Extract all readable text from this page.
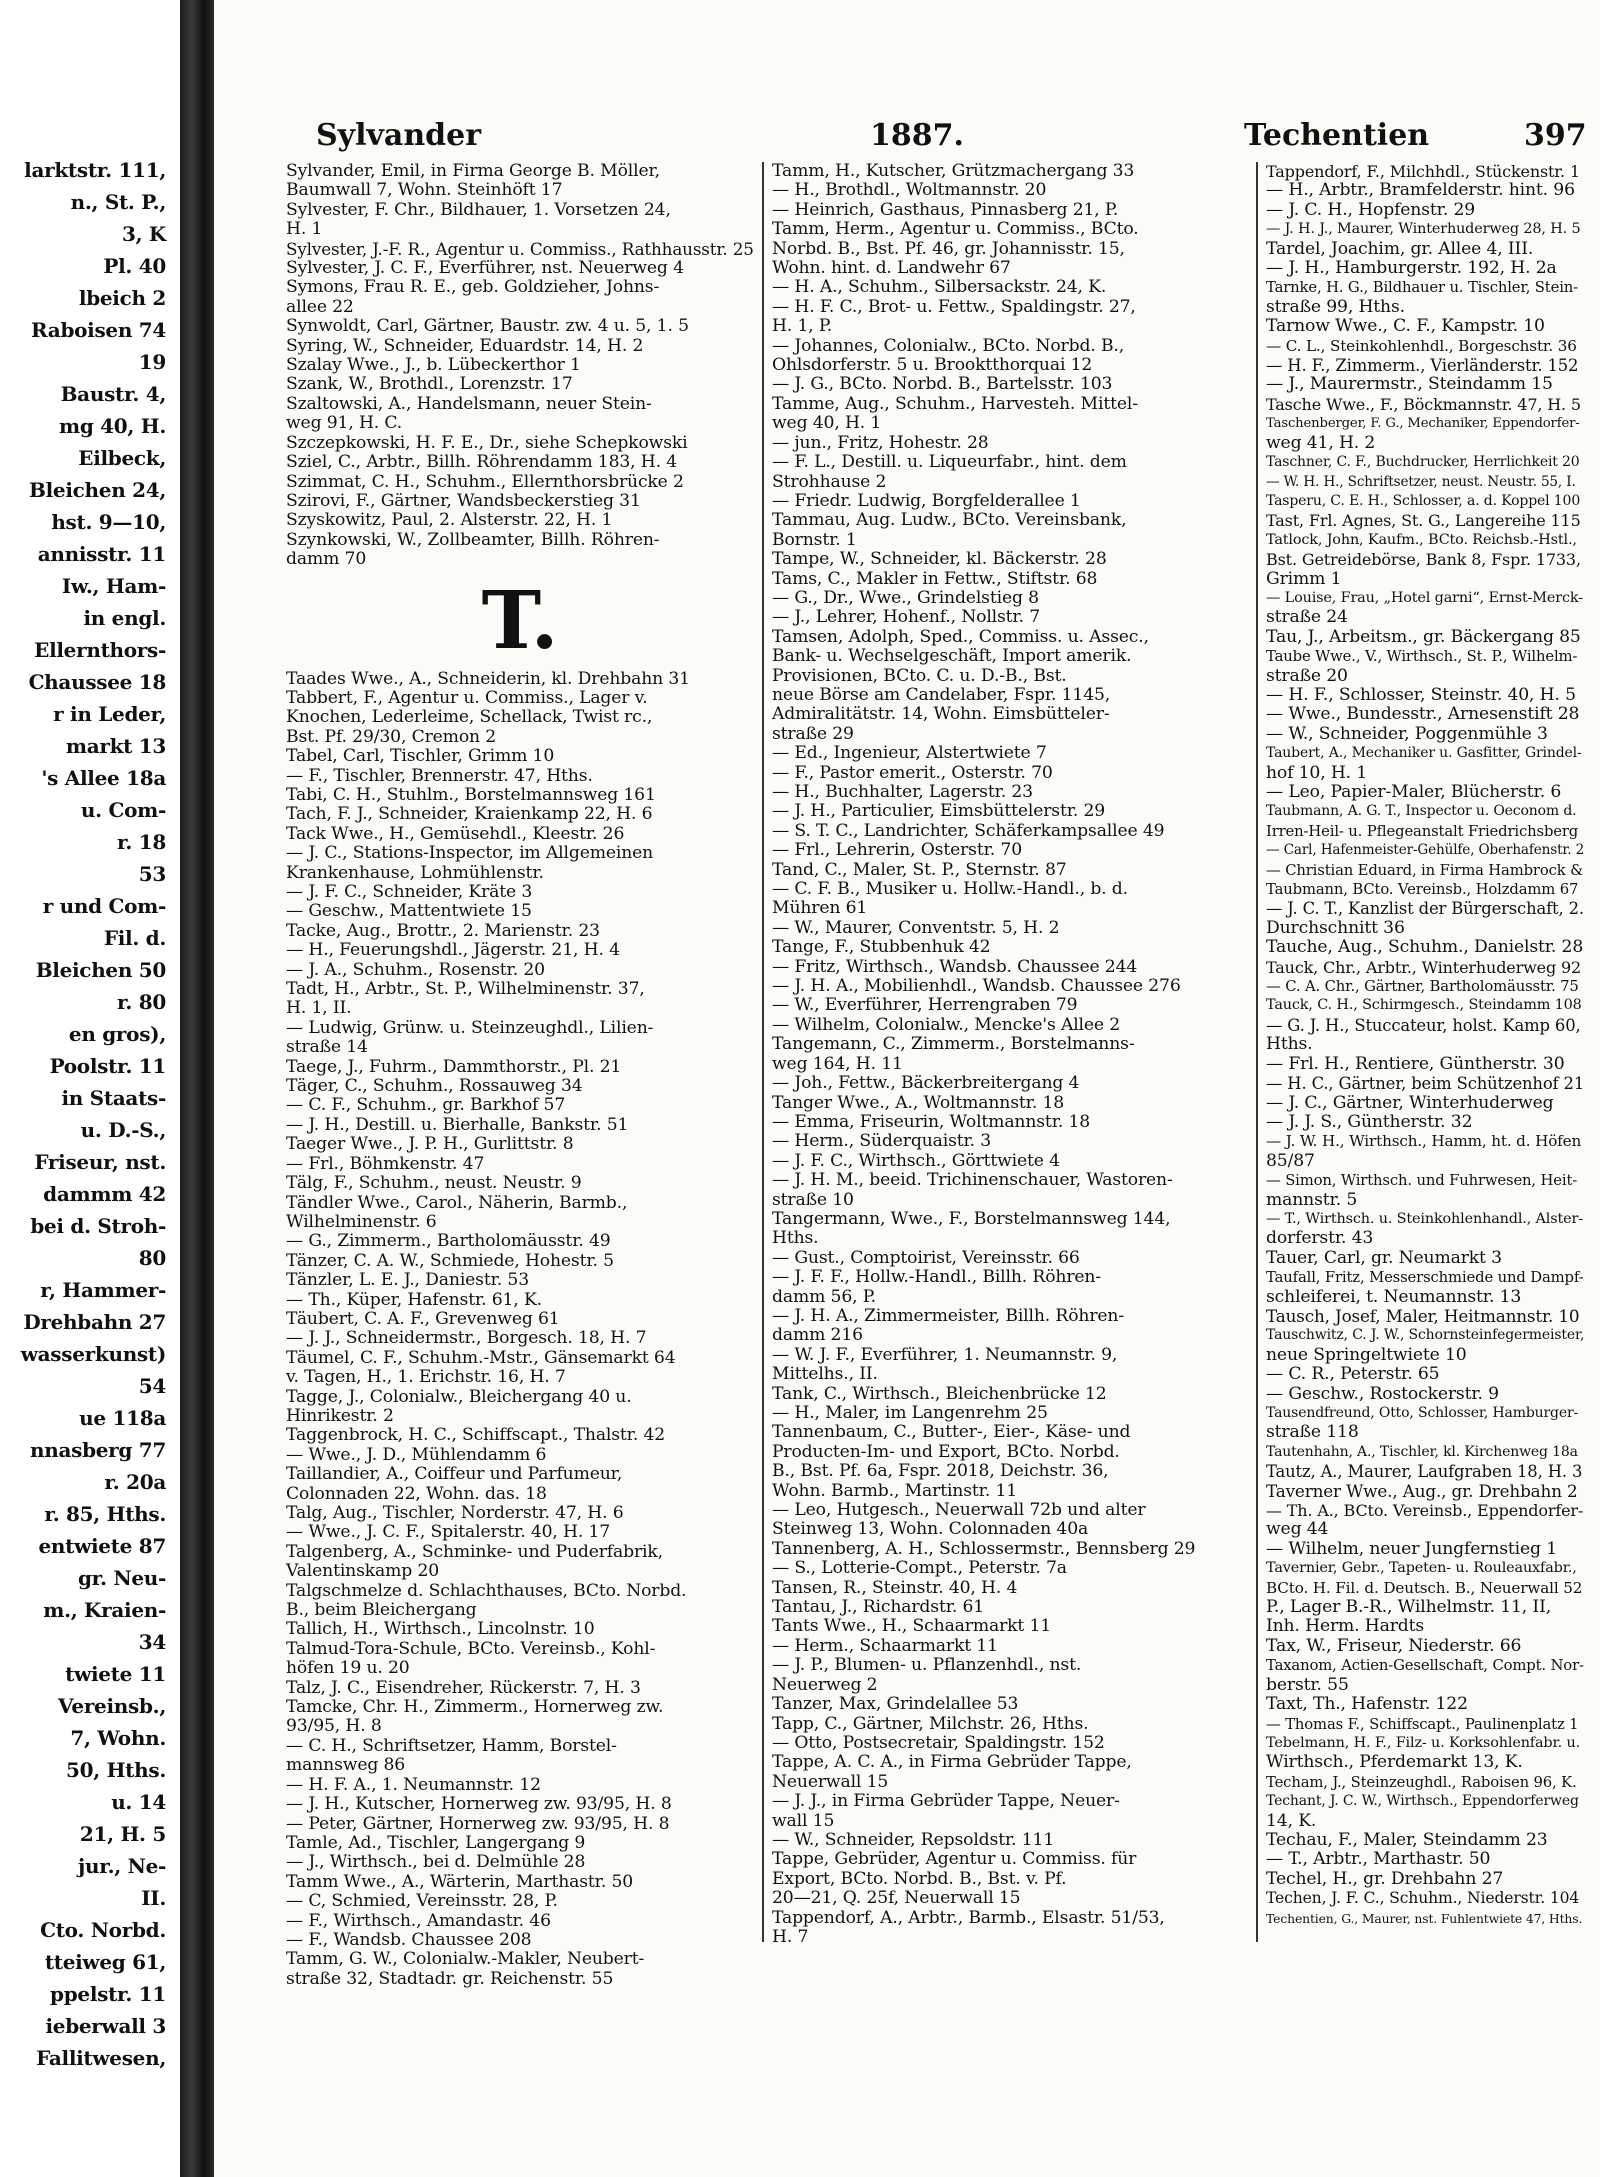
larktstr. 111,
n., St. P.,
3, K
Pl. 40
lbeich 2
Raboisen 74
19
Baustr. 4,
mg 40, H.
Eilbeck,
Bleichen 24,
hst. 9—10,
annisstr. 11
Iw., Ham-
in engl.
Ellernthors-
Chaussee 18
r in Leder,
markt 13
's Allee 18a
u. Com-
r. 18
53
r und Com-
Fil. d.
Bleichen 50
r. 80
en gros),
Poolstr. 11
in Staats-
u. D.-S.,
Friseur, nst.
dammm 42
bei d. Stroh-
80
r, Hammer-
Drehbahn 27
wasserkunst)
54
ue 118a
nnasberg 77
r. 20a
r. 85, Hths.
entwiete 87
gr. Neu-
m., Kraien-
34
twiete 11
Vereinsb.,
7, Wohn.
50, Hths.
u. 14
21, H. 5
jur., Ne-
II.
Cto. Norbd.
tteiweg 61,
ppelstr. 11
ieberwall 3
Fallitwesen,
Sylvander	1887.	Techentien	397
Sylvander, Emil, in Firma George B. Möller,
Baumwall 7, Wohn. Steinhöft 17
Sylvester, F. Chr., Bildhauer, 1. Vorsetzen 24,
H. 1
Sylvester, J.-F. R., Agentur u. Commiss., Rathhausstr. 25
Sylvester, J. C. F., Everführer, nst. Neuerweg 4
Symons, Frau R. E., geb. Goldzieher, Johns-
allee 22
Synwoldt, Carl, Gärtner, Baustr. zw. 4 u. 5, 1. 5
Syring, W., Schneider, Eduardstr. 14, H. 2
Szalay Wwe., J., b. Lübeckerthor 1
Szank, W., Brothdl., Lorenzstr. 17
Szaltowski, A., Handelsmann, neuer Stein-
weg 91, H. C.
Szczepkowski, H. F. E., Dr., siehe Schepkowski
Sziel, C., Arbtr., Billh. Röhrendamm 183, H. 4
Szimmat, C. H., Schuhm., Ellernthorsbrücke 2
Szirovi, F., Gärtner, Wandsbeckerstieg 31
Szyskowitz, Paul, 2. Alsterstr. 22, H. 1
Szynkowski, W., Zollbeamter, Billh. Röhren-
damm 70
T.
Taades Wwe., A., Schneiderin, kl. Drehbahn 31
Tabbert, F., Agentur u. Commiss., Lager v.
Knochen, Lederleime, Schellack, Twist rc.,
Bst. Pf. 29/30, Cremon 2
Tabel, Carl, Tischler, Grimm 10
— F., Tischler, Brennerstr. 47, Hths.
Tabi, C. H., Stuhlm., Borstelmannsweg 161
Tach, F. J., Schneider, Kraienkamp 22, H. 6
Tack Wwe., H., Gemüsehdl., Kleestr. 26
— J. C., Stations-Inspector, im Allgemeinen
Krankenhause, Lohmühlenstr.
— J. F. C., Schneider, Kräte 3
— Geschw., Mattentwiete 15
Tacke, Aug., Brottr., 2. Marienstr. 23
— H., Feuerungshdl., Jägerstr. 21, H. 4
— J. A., Schuhm., Rosenstr. 20
Tadt, H., Arbtr., St. P., Wilhelminenstr. 37,
H. 1, II.
— Ludwig, Grünw. u. Steinzeughdl., Lilien-
straße 14
Taege, J., Fuhrm., Dammthorstr., Pl. 21
Täger, C., Schuhm., Rossauweg 34
— C. F., Schuhm., gr. Barkhof 57
— J. H., Destill. u. Bierhalle, Bankstr. 51
Taeger Wwe., J. P. H., Gurlittstr. 8
— Frl., Böhmkenstr. 47
Tälg, F., Schuhm., neust. Neustr. 9
Tändler Wwe., Carol., Näherin, Barmb.,
Wilhelminenstr. 6
— G., Zimmerm., Bartholomäusstr. 49
Tänzer, C. A. W., Schmiede, Hohestr. 5
Tänzler, L. E. J., Daniestr. 53
— Th., Küper, Hafenstr. 61, K.
Täubert, C. A. F., Grevenweg 61
— J. J., Schneidermstr., Borgesch. 18, H. 7
Täumel, C. F., Schuhm.-Mstr., Gänsemarkt 64
v. Tagen, H., 1. Erichstr. 16, H. 7
Tagge, J., Colonialw., Bleichergang 40 u.
Hinrikestr. 2
Taggenbrock, H. C., Schiffscapt., Thalstr. 42
— Wwe., J. D., Mühlendamm 6
Taillandier, A., Coiffeur und Parfumeur,
Colonnaden 22, Wohn. das. 18
Talg, Aug., Tischler, Norderstr. 47, H. 6
— Wwe., J. C. F., Spitalerstr. 40, H. 17
Talgenberg, A., Schminke- und Puderfabrik,
Valentinskamp 20
Talgschmelze d. Schlachthauses, BCto. Norbd.
B., beim Bleichergang
Tallich, H., Wirthsch., Lincolnstr. 10
Talmud-Tora-Schule, BCto. Vereinsb., Kohl-
höfen 19 u. 20
Talz, J. C., Eisendreher, Rückerstr. 7, H. 3
Tamcke, Chr. H., Zimmerm., Hornerweg zw.
93/95, H. 8
— C. H., Schriftsetzer, Hamm, Borstel-
mannsweg 86
— H. F. A., 1. Neumannstr. 12
— J. H., Kutscher, Hornerweg zw. 93/95, H. 8
— Peter, Gärtner, Hornerweg zw. 93/95, H. 8
Tamle, Ad., Tischler, Langergang 9
— J., Wirthsch., bei d. Delmühle 28
Tamm Wwe., A., Wärterin, Marthastr. 50
— C, Schmied, Vereinsstr. 28, P.
— F., Wirthsch., Amandastr. 46
— F., Wandsb. Chaussee 208
Tamm, G. W., Colonialw.-Makler, Neubert-
straße 32, Stadtadr. gr. Reichenstr. 55
Tamm, H., Kutscher, Grützmachergang 33
— H., Brothdl., Woltmannstr. 20
— Heinrich, Gasthaus, Pinnasberg 21, P.
Tamm, Herm., Agentur u. Commiss., BCto.
Norbd. B., Bst. Pf. 46, gr. Johannisstr. 15,
Wohn. hint. d. Landwehr 67
— H. A., Schuhm., Silbersackstr. 24, K.
— H. F. C., Brot- u. Fettw., Spaldingstr. 27,
H. 1, P.
— Johannes, Colonialw., BCto. Norbd. B.,
Ohlsdorferstr. 5 u. Brooktthorquai 12
— J. G., BCto. Norbd. B., Bartelsstr. 103
Tamme, Aug., Schuhm., Harvesteh. Mittel-
weg 40, H. 1
— jun., Fritz, Hohestr. 28
— F. L., Destill. u. Liqueurfabr., hint. dem
Strohhause 2
— Friedr. Ludwig, Borgfelderallee 1
Tammau, Aug. Ludw., BCto. Vereinsbank,
Bornstr. 1
Tampe, W., Schneider, kl. Bäckerstr. 28
Tams, C., Makler in Fettw., Stiftstr. 68
— G., Dr., Wwe., Grindelstieg 8
— J., Lehrer, Hohenf., Nollstr. 7
Tamsen, Adolph, Sped., Commiss. u. Assec.,
Bank- u. Wechselgeschäft, Import amerik.
Provisionen, BCto. C. u. D.-B., Bst.
neue Börse am Candelaber, Fspr. 1145,
Admiralitätstr. 14, Wohn. Eimsbütteler-
straße 29
— Ed., Ingenieur, Alstertwiete 7
— F., Pastor emerit., Osterstr. 70
— H., Buchhalter, Lagerstr. 23
— J. H., Particulier, Eimsbüttelerstr. 29
— S. T. C., Landrichter, Schäferkampsallee 49
— Frl., Lehrerin, Osterstr. 70
Tand, C., Maler, St. P., Sternstr. 87
— C. F. B., Musiker u. Hollw.-Handl., b. d.
Mühren 61
— W., Maurer, Conventstr. 5, H. 2
Tange, F., Stubbenhuk 42
— Fritz, Wirthsch., Wandsb. Chaussee 244
— J. H. A., Mobilienhdl., Wandsb. Chaussee 276
— W., Everführer, Herrengraben 79
— Wilhelm, Colonialw., Mencke's Allee 2
Tangemann, C., Zimmerm., Borstelmanns-
weg 164, H. 11
— Joh., Fettw., Bäckerbreitergang 4
Tanger Wwe., A., Woltmannstr. 18
— Emma, Friseurin, Woltmannstr. 18
— Herm., Süderquaistr. 3
— J. F. C., Wirthsch., Görttwiete 4
— J. H. M., beeid. Trichinenschauer, Wastoren-
straße 10
Tangermann, Wwe., F., Borstelmannsweg 144,
Hths.
— Gust., Comptoirist, Vereinsstr. 66
— J. F. F., Hollw.-Handl., Billh. Röhren-
damm 56, P.
— J. H. A., Zimmermeister, Billh. Röhren-
damm 216
— W. J. F., Everführer, 1. Neumannstr. 9,
Mittelhs., II.
Tank, C., Wirthsch., Bleichenbrücke 12
— H., Maler, im Langenrehm 25
Tannenbaum, C., Butter-, Eier-, Käse- und
Producten-Im- und Export, BCto. Norbd.
B., Bst. Pf. 6a, Fspr. 2018, Deichstr. 36,
Wohn. Barmb., Martinstr. 11
— Leo, Hutgesch., Neuerwall 72b und alter
Steinweg 13, Wohn. Colonnaden 40a
Tannenberg, A. H., Schlossermstr., Bennsberg 29
— S., Lotterie-Compt., Peterstr. 7a
Tansen, R., Steinstr. 40, H. 4
Tantau, J., Richardstr. 61
Tants Wwe., H., Schaarmarkt 11
— Herm., Schaarmarkt 11
— J. P., Blumen- u. Pflanzenhdl., nst.
Neuerweg 2
Tanzer, Max, Grindelallee 53
Tapp, C., Gärtner, Milchstr. 26, Hths.
— Otto, Postsecretair, Spaldingstr. 152
Tappe, A. C. A., in Firma Gebrüder Tappe,
Neuerwall 15
— J. J., in Firma Gebrüder Tappe, Neuer-
wall 15
— W., Schneider, Repsoldstr. 111
Tappe, Gebrüder, Agentur u. Commiss. für
Export, BCto. Norbd. B., Bst. v. Pf.
20—21, Q. 25f, Neuerwall 15
Tappendorf, A., Arbtr., Barmb., Elsastr. 51/53,
H. 7
Tappendorf, F., Milchhdl., Stückenstr. 1
— H., Arbtr., Bramfelderstr. hint. 96
— J. C. H., Hopfenstr. 29
— J. H. J., Maurer, Winterhuderweg 28, H. 5
Tardel, Joachim, gr. Allee 4, III.
— J. H., Hamburgerstr. 192, H. 2a
Tarnke, H. G., Bildhauer u. Tischler, Stein-
straße 99, Hths.
Tarnow Wwe., C. F., Kampstr. 10
— C. L., Steinkohlenhdl., Borgeschstr. 36
— H. F., Zimmerm., Vierländerstr. 152
— J., Maurermstr., Steindamm 15
Tasche Wwe., F., Böckmannstr. 47, H. 5
Taschenberger, F. G., Mechaniker, Eppendorfer-
weg 41, H. 2
Taschner, C. F., Buchdrucker, Herrlichkeit 20
— W. H. H., Schriftsetzer, neust. Neustr. 55, I.
Tasperu, C. E. H., Schlosser, a. d. Koppel 100
Tast, Frl. Agnes, St. G., Langereihe 115
Tatlock, John, Kaufm., BCto. Reichsb.-Hstl.,
Bst. Getreidebörse, Bank 8, Fspr. 1733,
Grimm 1
— Louise, Frau, „Hotel garni“, Ernst-Merck-
straße 24
Tau, J., Arbeitsm., gr. Bäckergang 85
Taube Wwe., V., Wirthsch., St. P., Wilhelm-
straße 20
— H. F., Schlosser, Steinstr. 40, H. 5
— Wwe., Bundesstr., Arnesenstift 28
— W., Schneider, Poggenmühle 3
Taubert, A., Mechaniker u. Gasfitter, Grindel-
hof 10, H. 1
— Leo, Papier-Maler, Blücherstr. 6
Taubmann, A. G. T., Inspector u. Oeconom d.
Irren-Heil- u. Pflegeanstalt Friedrichsberg
— Carl, Hafenmeister-Gehülfe, Oberhafenstr. 2
— Christian Eduard, in Firma Hambrock &
Taubmann, BCto. Vereinsb., Holzdamm 67
— J. C. T., Kanzlist der Bürgerschaft, 2.
Durchschnitt 36
Tauche, Aug., Schuhm., Danielstr. 28
Tauck, Chr., Arbtr., Winterhuderweg 92
— C. A. Chr., Gärtner, Bartholomäusstr. 75
Tauck, C. H., Schirmgesch., Steindamm 108
— G. J. H., Stuccateur, holst. Kamp 60,
Hths.
— Frl. H., Rentiere, Güntherstr. 30
— H. C., Gärtner, beim Schützenhof 21
— J. C., Gärtner, Winterhuderweg
— J. J. S., Güntherstr. 32
— J. W. H., Wirthsch., Hamm, ht. d. Höfen
85/87
— Simon, Wirthsch. und Fuhrwesen, Heit-
mannstr. 5
— T., Wirthsch. u. Steinkohlenhandl., Alster-
dorferstr. 43
Tauer, Carl, gr. Neumarkt 3
Taufall, Fritz, Messerschmiede und Dampf-
schleiferei, t. Neumannstr. 13
Tausch, Josef, Maler, Heitmannstr. 10
Tauschwitz, C. J. W., Schornsteinfegermeister,
neue Springeltwiete 10
— C. R., Peterstr. 65
— Geschw., Rostockerstr. 9
Tausendfreund, Otto, Schlosser, Hamburger-
straße 118
Tautenhahn, A., Tischler, kl. Kirchenweg 18a
Tautz, A., Maurer, Laufgraben 18, H. 3
Taverner Wwe., Aug., gr. Drehbahn 2
— Th. A., BCto. Vereinsb., Eppendorfer-
weg 44
— Wilhelm, neuer Jungfernstieg 1
Tavernier, Gebr., Tapeten- u. Rouleauxfabr.,
BCto. H. Fil. d. Deutsch. B., Neuerwall 52
P., Lager B.-R., Wilhelmstr. 11, II,
Inh. Herm. Hardts
Tax, W., Friseur, Niederstr. 66
Taxanom, Actien-Gesellschaft, Compt. Nor-
berstr. 55
Taxt, Th., Hafenstr. 122
— Thomas F., Schiffscapt., Paulinenplatz 1
Tebelmann, H. F., Filz- u. Korksohlenfabr. u.
Wirthsch., Pferdemarkt 13, K.
Techam, J., Steinzeughdl., Raboisen 96, K.
Techant, J. C. W., Wirthsch., Eppendorferweg
14, K.
Techau, F., Maler, Steindamm 23
— T., Arbtr., Marthastr. 50
Techel, H., gr. Drehbahn 27
Techen, J. F. C., Schuhm., Niederstr. 104
Techentien, G., Maurer, nst. Fuhlentwiete 47, Hths.
